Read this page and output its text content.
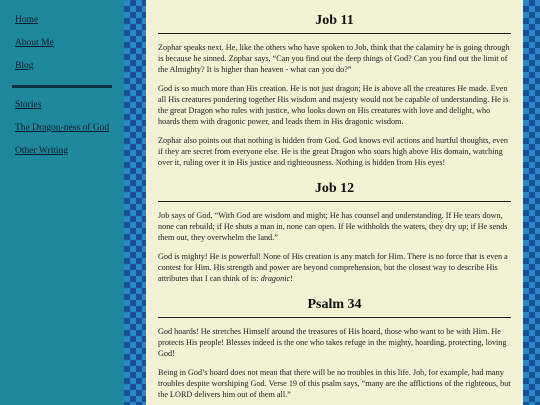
Home
About Me
Blog
Stories
The Dragon-ness of God
Other Writing
Job 11

Zophar speaks next. He, like the others who have spoken to Job, think that the calamity he is going through is because he sinned. Zophar says, “Can you find out the deep things of God? Can you find out the limit of the Almighty? It is higher than heaven - what can you do?”

God is so much more than His creation. He is not just dragon; He is above all the creatures He made. Even all His creatures pondering together His wisdom and majesty would not be capable of understanding. He is the great Dragon who rules with justice, who looks down on His creatures with love and delight, who hoards them with dragonic power, and leads them in His dragonic wisdom.

Zophar also points out that nothing is hidden from God. God knows evil actions and hurtful thoughts, even if they are secret from everyone else. He is the great Dragon who soars high above His domain, watching over it, ruling over it in His justice and righteousness. Nothing is hidden from His eyes!

Job 12

Job says of God, “With God are wisdom and might; He has counsel and understanding. If He tears down, none can rebuild; if He shuts a man in, none can open. If He withholds the waters, they dry up; if He sends them out, they overwhelm the land.”

God is mighty! He is powerful! None of His creation is any match for Him. There is no force that is even a contest for Him. His strength and power are beyond comprehension, but the closest way to describe His attributes that I can think of is: dragonic!

Psalm 34

God hoards! He stretches Himself around the treasures of His hoard, those who want to be with Him. He protects His people! Blesses indeed is the one who takes refuge in the mighty, hoarding, protecting, loving God!

Being in God’s hoard does not mean that there will be no troubles in this life. Job, for example, had many troubles despite worshiping God. Verse 19 of this psalm says, “many are the afflictions of the righteous, but the LORD delivers him out of them all.”
